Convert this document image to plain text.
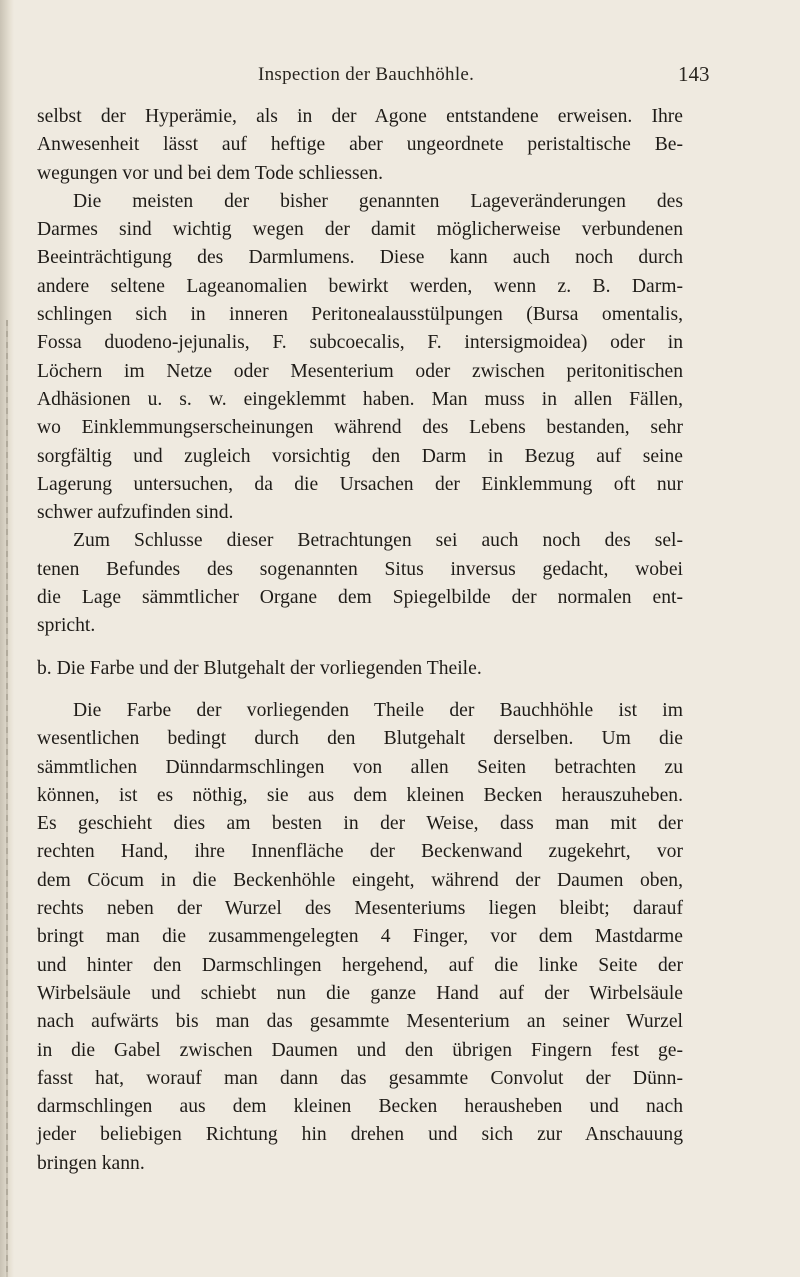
Inspection der Bauchhöhle.	143
selbst der Hyperämie, als in der Agone entstandene erweisen. Ihre
Anwesenheit lässt auf heftige aber ungeordnete peristaltische Be-
wegungen vor und bei dem Tode schliessen.
Die meisten der bisher genannten Lageveränderungen des
Darmes sind wichtig wegen der damit möglicherweise verbundenen
Beeinträchtigung des Darmlumens. Diese kann auch noch durch
andere seltene Lageanomalien bewirkt werden, wenn z. B. Darm-
schlingen sich in inneren Peritonealausstülpungen (Bursa omentalis,
Fossa duodeno-jejunalis, F. subcoecalis, F. intersigmoidea) oder in
Löchern im Netze oder Mesenterium oder zwischen peritonitischen
Adhäsionen u. s. w. eingeklemmt haben. Man muss in allen Fällen,
wo Einklemmungserscheinungen während des Lebens bestanden, sehr
sorgfältig und zugleich vorsichtig den Darm in Bezug auf seine
Lagerung untersuchen, da die Ursachen der Einklemmung oft nur
schwer aufzufinden sind.
Zum Schlusse dieser Betrachtungen sei auch noch des sel-
tenen Befundes des sogenannten Situs inversus gedacht, wobei
die Lage sämmtlicher Organe dem Spiegelbilde der normalen ent-
spricht.
b. Die Farbe und der Blutgehalt der vorliegenden Theile.
Die Farbe der vorliegenden Theile der Bauchhöhle ist im
wesentlichen bedingt durch den Blutgehalt derselben. Um die
sämmtlichen Dünndarmschlingen von allen Seiten betrachten zu
können, ist es nöthig, sie aus dem kleinen Becken herauszuheben.
Es geschieht dies am besten in der Weise, dass man mit der
rechten Hand, ihre Innenfläche der Beckenwand zugekehrt, vor
dem Cöcum in die Beckenhöhle eingeht, während der Daumen oben,
rechts neben der Wurzel des Mesenteriums liegen bleibt; darauf
bringt man die zusammengelegten 4 Finger, vor dem Mastdarme
und hinter den Darmschlingen hergehend, auf die linke Seite der
Wirbelsäule und schiebt nun die ganze Hand auf der Wirbelsäule
nach aufwärts bis man das gesammte Mesenterium an seiner Wurzel
in die Gabel zwischen Daumen und den übrigen Fingern fest ge-
fasst hat, worauf man dann das gesammte Convolut der Dünn-
darmschlingen aus dem kleinen Becken herausheben und nach
jeder beliebigen Richtung hin drehen und sich zur Anschauung
bringen kann.
